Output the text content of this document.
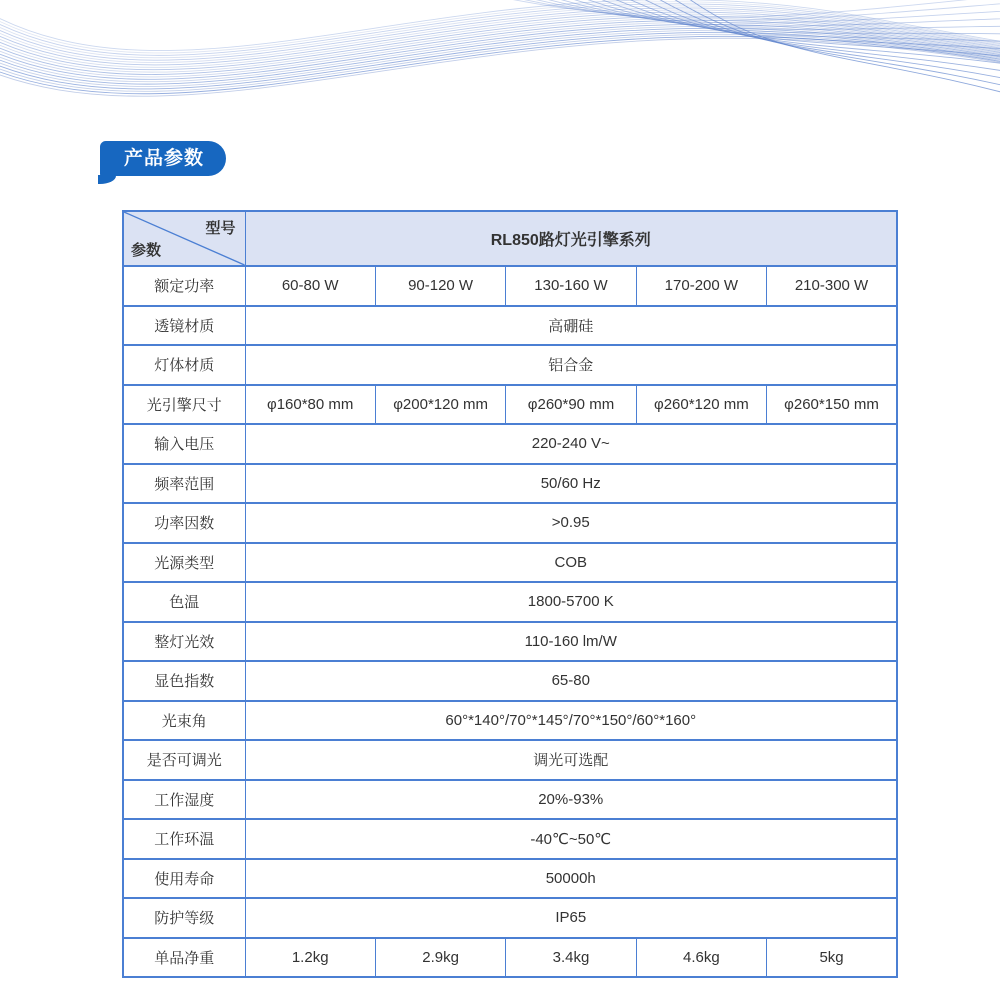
产品参数
型号
参数	RL850路灯光引擎系列				
额定功率	60-80 W	90-120 W	130-160 W	170-200 W	210-300 W
透镜材质	高硼硅				
灯体材质	铝合金				
光引擎尺寸	φ160*80 mm	φ200*120 mm	φ260*90 mm	φ260*120 mm	φ260*150 mm
输入电压	220-240 V~				
频率范围	50/60 Hz				
功率因数	>0.95				
光源类型	COB				
色温	1800-5700 K				
整灯光效	110-160 lm/W				
显色指数	65-80				
光束角	60°*140°/70°*145°/70°*150°/60°*160°				
是否可调光	调光可选配				
工作湿度	20%-93%				
工作环温	-40℃~50℃				
使用寿命	50000h				
防护等级	IP65				
单品净重	1.2kg	2.9kg	3.4kg	4.6kg	5kg
